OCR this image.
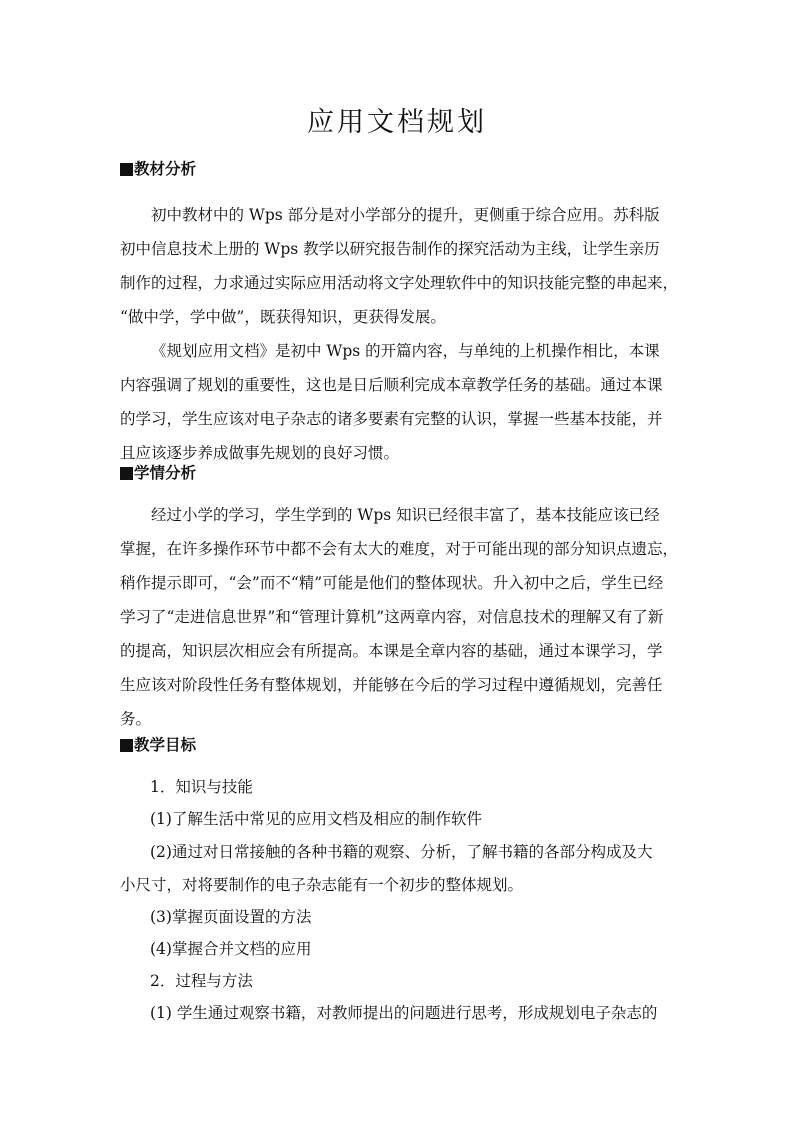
应用文档规划
教材分析
初中教材中的 Wps 部分是对小学部分的提升，更侧重于综合应用。苏科版
初中信息技术上册的 Wps 教学以研究报告制作的探究活动为主线，让学生亲历
制作的过程，力求通过实际应用活动将文字处理软件中的知识技能完整的串起来，
“做中学，学中做”，既获得知识，更获得发展。
《规划应用文档》是初中 Wps 的开篇内容，与单纯的上机操作相比，本课
内容强调了规划的重要性，这也是日后顺利完成本章教学任务的基础。通过本课
的学习，学生应该对电子杂志的诸多要素有完整的认识，掌握一些基本技能，并
且应该逐步养成做事先规划的良好习惯。
学情分析
经过小学的学习，学生学到的 Wps 知识已经很丰富了，基本技能应该已经
掌握，在许多操作环节中都不会有太大的难度，对于可能出现的部分知识点遗忘，
稍作提示即可，“会”而不“精”可能是他们的整体现状。升入初中之后，学生已经
学习了“走进信息世界”和“管理计算机”这两章内容，对信息技术的理解又有了新
的提高，知识层次相应会有所提高。本课是全章内容的基础，通过本课学习，学
生应该对阶段性任务有整体规划，并能够在今后的学习过程中遵循规划，完善任
务。
教学目标
1．知识与技能
(1)了解生活中常见的应用文档及相应的制作软件
(2)通过对日常接触的各种书籍的观察、分析，了解书籍的各部分构成及大
小尺寸，对将要制作的电子杂志能有一个初步的整体规划。
(3)掌握页面设置的方法
(4)掌握合并文档的应用
2．过程与方法
(1) 学生通过观察书籍，对教师提出的问题进行思考，形成规划电子杂志的
